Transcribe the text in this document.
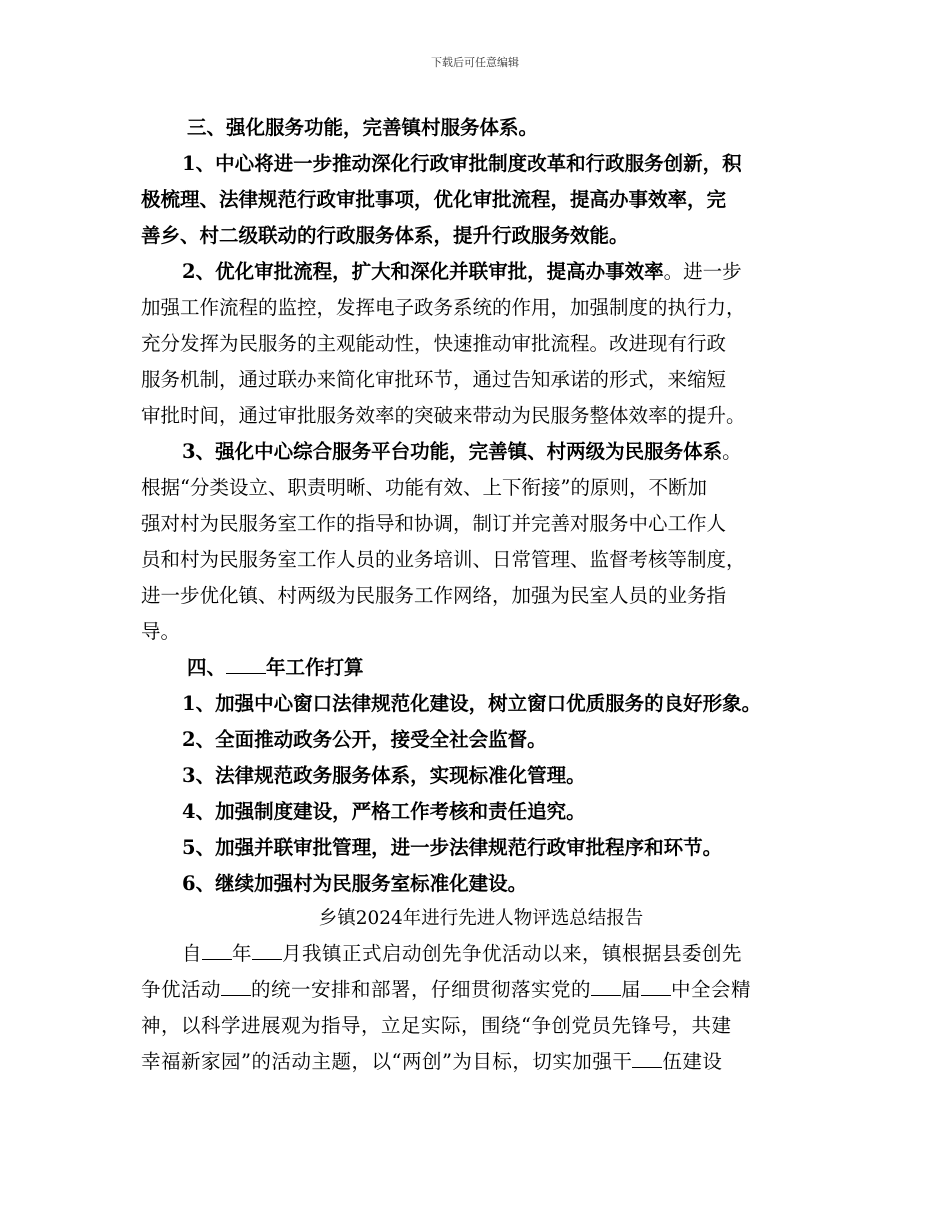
下载后可任意编辑
三、强化服务功能，完善镇村服务体系。
1、中心将进一步推动深化行政审批制度改革和行政服务创新，积
极梳理、法律规范行政审批事项，优化审批流程，提高办事效率，完
善乡、村二级联动的行政服务体系，提升行政服务效能。
2、优化审批流程，扩大和深化并联审批，提高办事效率。进一步
加强工作流程的监控，发挥电子政务系统的作用，加强制度的执行力，
充分发挥为民服务的主观能动性，快速推动审批流程。改进现有行政
服务机制，通过联办来简化审批环节，通过告知承诺的形式，来缩短
审批时间，通过审批服务效率的突破来带动为民服务整体效率的提升。
3、强化中心综合服务平台功能，完善镇、村两级为民服务体系。
根据“分类设立、职责明晰、功能有效、上下衔接”的原则，不断加
强对村为民服务室工作的指导和协调，制订并完善对服务中心工作人
员和村为民服务室工作人员的业务培训、日常管理、监督考核等制度，
进一步优化镇、村两级为民服务工作网络，加强为民室人员的业务指
导。
四、 年工作打算
1、加强中心窗口法律规范化建设，树立窗口优质服务的良好形象。
2、全面推动政务公开，接受全社会监督。
3、法律规范政务服务体系，实现标准化管理。
4、加强制度建设，严格工作考核和责任追究。
5、加强并联审批管理，进一步法律规范行政审批程序和环节。
6、继续加强村为民服务室标准化建设。
乡镇2024年进行先进人物评选总结报告
自 年 月我镇正式启动创先争优活动以来，镇根据县委创先
争优活动 的统一安排和部署，仔细贯彻落实党的 届 中全会精
神，以科学进展观为指导，立足实际，围绕“争创党员先锋号，共建
幸福新家园”的活动主题，以“两创”为目标，切实加强干 伍建设
